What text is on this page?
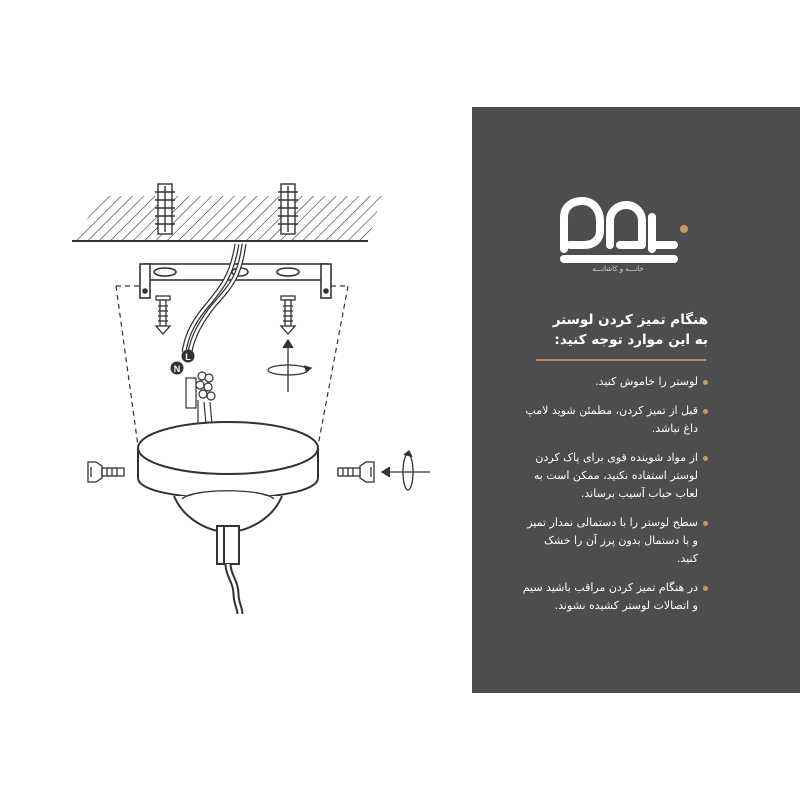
L
N
خانـــه و کاشانـــه
هنگام تمیز کردن لوستر
به این موارد توجه کنید:
لوستر را خاموش کنید.
قبل از تمیز کردن، مطمئن شوید لامپ داغ نباشد.
از مواد شوینده قوی برای پاک کردن لوستر استفاده نکنید، ممکن است به لعاب حباب آسیب برساند.
سطح لوستر را با دستمالی نمدار تمیز و با دستمال بدون پرز آن را خشک کنید.
در هنگام تمیز کردن مراقب باشید سیم و اتصالات لوستر کشیده نشوند.
